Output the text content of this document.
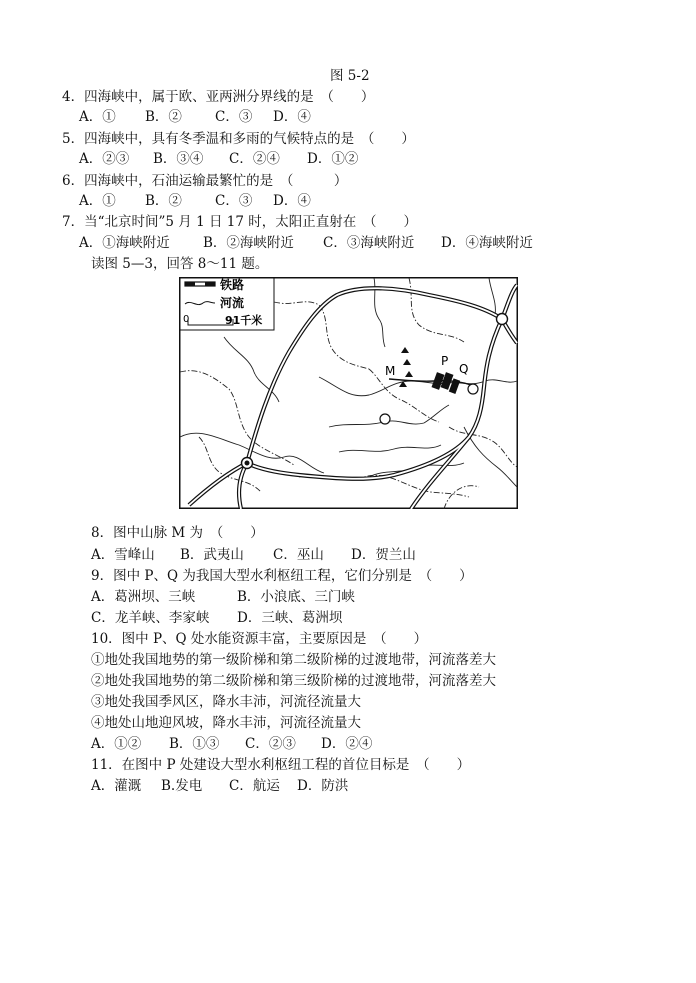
图 5-2
4．四海峡中，属于欧、亚两洲分界线的是　（　　）
A．①	B．②	C．③	D．④
5．四海峡中，具有冬季温和多雨的气候特点的是　（　　）
A．②③	B．③④	C．②④	D．①②
6．四海峡中，石油运输最繁忙的是　（　　　）
A．①	B．②	C．③	D．④
7．当“北京时间”5 月 1 日 17 时，太阳正直射在　（　　）
A．①海峡附近	B．②海峡附近	C．③海峡附近	D．④海峡附近
读图 5—3，回答 8～11 题。
铁路
河流
0	91千米
M
P
Q
8．图中山脉 M 为　（　　）
A．雪峰山	B．武夷山	C．巫山	D．贺兰山
9．图中 P、Q 为我国大型水利枢纽工程，它们分别是　（　　）
A．葛洲坝、三峡	B．小浪底、三门峡
C．龙羊峡、李家峡	D．三峡、葛洲坝
10．图中 P、Q 处水能资源丰富，主要原因是　（　　）
①地处我国地势的第一级阶梯和第二级阶梯的过渡地带，河流落差大
②地处我国地势的第二级阶梯和第三级阶梯的过渡地带，河流落差大
③地处我国季风区，降水丰沛，河流径流量大
④地处山地迎风坡，降水丰沛，河流径流量大
A．①②	B．①③	C．②③	D．②④
11．在图中 P 处建设大型水利枢纽工程的首位目标是　（　　）
A．灌溉	B.发电	C．航运	D．防洪
